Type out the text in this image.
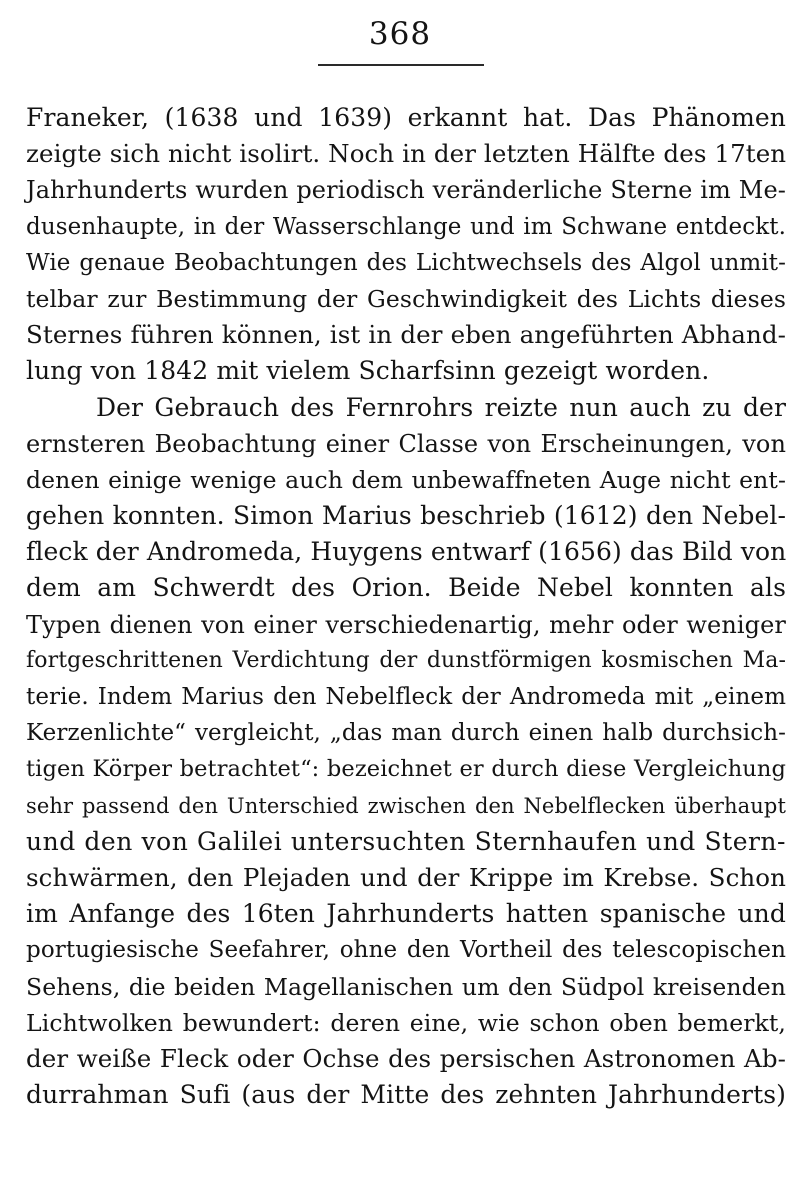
368
Franeker, (1638 und 1639) erkannt hat. Das Phänomen
zeigte sich nicht isolirt. Noch in der letzten Hälfte des 17ten
Jahrhunderts wurden periodisch veränderliche Sterne im Me-
dusenhaupte, in der Wasserschlange und im Schwane entdeckt.
Wie genaue Beobachtungen des Lichtwechsels des Algol unmit-
telbar zur Bestimmung der Geschwindigkeit des Lichts dieses
Sternes führen können, ist in der eben angeführten Abhand-
lung von 1842 mit vielem Scharfsinn gezeigt worden.
Der Gebrauch des Fernrohrs reizte nun auch zu der
ernsteren Beobachtung einer Classe von Erscheinungen, von
denen einige wenige auch dem unbewaffneten Auge nicht ent-
gehen konnten. Simon Marius beschrieb (1612) den Nebel-
fleck der Andromeda, Huygens entwarf (1656) das Bild von
dem am Schwerdt des Orion. Beide Nebel konnten als
Typen dienen von einer verschiedenartig, mehr oder weniger
fortgeschrittenen Verdichtung der dunstförmigen kosmischen Ma-
terie. Indem Marius den Nebelfleck der Andromeda mit „einem
Kerzenlichte“ vergleicht, „das man durch einen halb durchsich-
tigen Körper betrachtet“: bezeichnet er durch diese Vergleichung
sehr passend den Unterschied zwischen den Nebelflecken überhaupt
und den von Galilei untersuchten Sternhaufen und Stern-
schwärmen, den Plejaden und der Krippe im Krebse. Schon
im Anfange des 16ten Jahrhunderts hatten spanische und
portugiesische Seefahrer, ohne den Vortheil des telescopischen
Sehens, die beiden Magellanischen um den Südpol kreisenden
Lichtwolken bewundert: deren eine, wie schon oben bemerkt,
der weiße Fleck oder Ochse des persischen Astronomen Ab-
durrahman Sufi (aus der Mitte des zehnten Jahrhunderts)
